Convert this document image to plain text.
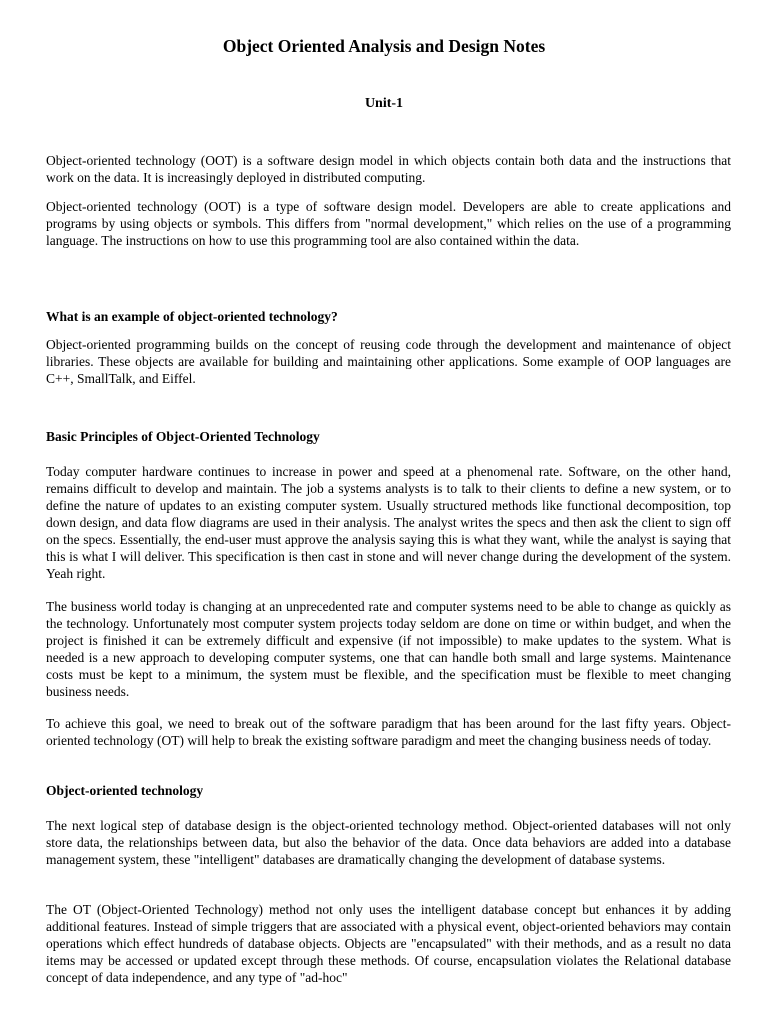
Object Oriented Analysis and Design Notes
Unit-1

Object-oriented technology (OOT) is a software design model in which objects contain both data and the instructions that work on the data. It is increasingly deployed in distributed computing.

Object-oriented technology (OOT) is a type of software design model. Developers are able to create applications and programs by using objects or symbols. This differs from "normal development," which relies on the use of a programming language. The instructions on how to use this programming tool are also contained within the data.

What is an example of object-oriented technology?

Object-oriented programming builds on the concept of reusing code through the development and maintenance of object libraries. These objects are available for building and maintaining other applications. Some example of OOP languages are C++, SmallTalk, and Eiffel.

Basic Principles of Object-Oriented Technology

Today computer hardware continues to increase in power and speed at a phenomenal rate. Software, on the other hand, remains difficult to develop and maintain. The job a systems analysts is to talk to their clients to define a new system, or to define the nature of updates to an existing computer system. Usually structured methods like functional decomposition, top down design, and data flow diagrams are used in their analysis. The analyst writes the specs and then ask the client to sign off on the specs. Essentially, the end-user must approve the analysis saying this is what they want, while the analyst is saying that this is what I will deliver. This specification is then cast in stone and will never change during the development of the system. Yeah right.

The business world today is changing at an unprecedented rate and computer systems need to be able to change as quickly as the technology. Unfortunately most computer system projects today seldom are done on time or within budget, and when the project is finished it can be extremely difficult and expensive (if not impossible) to make updates to the system. What is needed is a new approach to developing computer systems, one that can handle both small and large systems. Maintenance costs must be kept to a minimum, the system must be flexible, and the specification must be flexible to meet changing business needs.

To achieve this goal, we need to break out of the software paradigm that has been around for the last fifty years. Object-oriented technology (OT) will help to break the existing software paradigm and meet the changing business needs of today.

Object-oriented technology

The next logical step of database design is the object-oriented technology method. Object-oriented databases will not only store data, the relationships between data, but also the behavior of the data. Once data behaviors are added into a database management system, these "intelligent" databases are dramatically changing the development of database systems.

The OT (Object-Oriented Technology) method not only uses the intelligent database concept but enhances it by adding additional features. Instead of simple triggers that are associated with a physical event, object-oriented behaviors may contain operations which effect hundreds of database objects. Objects are "encapsulated" with their methods, and as a result no data items may be accessed or updated except through these methods. Of course, encapsulation violates the Relational database concept of data independence, and any type of "ad-hoc"
